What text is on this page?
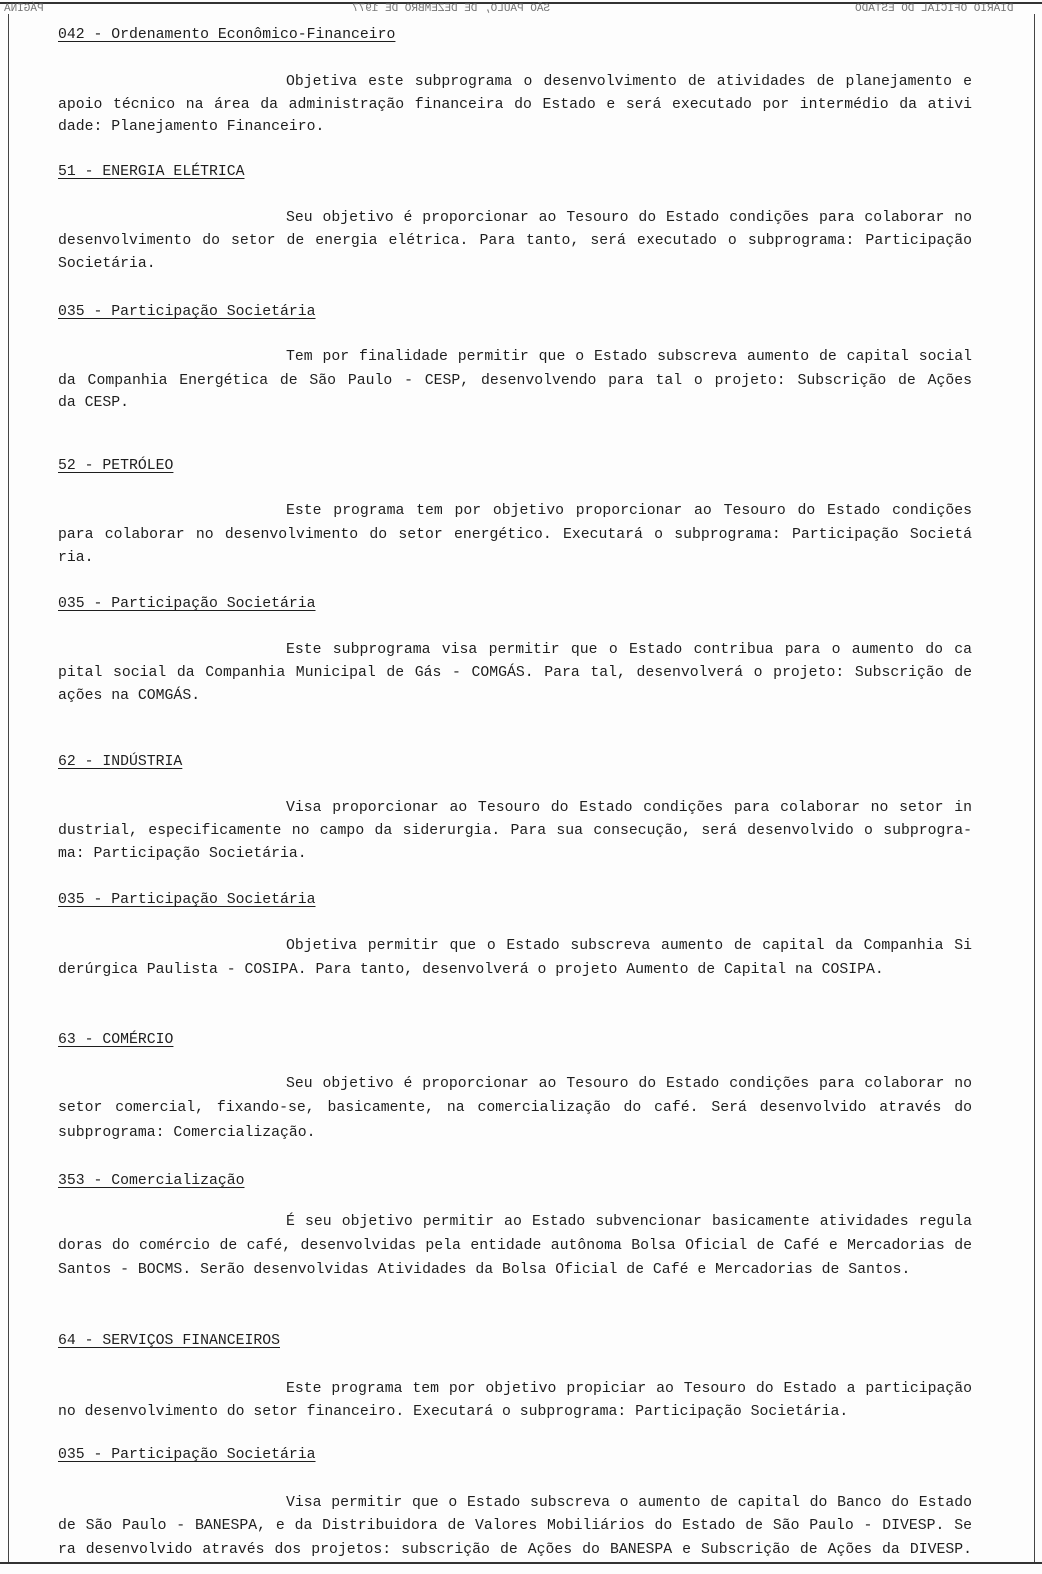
PÁGINA	SÃO PAULO, DE DEZEMBRO DE 1977	DIÁRIO OFICIAL DO ESTADO
042 - Ordenamento Econômico-Financeiro
Objetiva este subprograma o desenvolvimento de atividades de planejamento e
apoio técnico na área da administração financeira do Estado e será executado por intermédio da ativi
dade: Planejamento Financeiro.
51 - ENERGIA ELÉTRICA
Seu objetivo é proporcionar ao Tesouro do Estado condições para colaborar no
desenvolvimento do setor de energia elétrica. Para tanto, será executado o subprograma: Participação
Societária.
035 - Participação Societária
Tem por finalidade permitir que o Estado subscreva aumento de capital social
da Companhia Energética de São Paulo - CESP, desenvolvendo para tal o projeto: Subscrição de Ações
da CESP.
52 - PETRÓLEO
Este programa tem por objetivo proporcionar ao Tesouro do Estado condições
para colaborar no desenvolvimento do setor energético. Executará o subprograma: Participação Societá
ria.
035 - Participação Societária
Este subprograma visa permitir que o Estado contribua para o aumento do ca
pital social da Companhia Municipal de Gás - COMGÁS. Para tal, desenvolverá o projeto: Subscrição de
ações na COMGÁS.
62 - INDÚSTRIA
Visa proporcionar ao Tesouro do Estado condições para colaborar no setor in
dustrial, especificamente no campo da siderurgia. Para sua consecução, será desenvolvido o subprogra-
ma: Participação Societária.
035 - Participação Societária
Objetiva permitir que o Estado subscreva aumento de capital da Companhia Si
derúrgica Paulista - COSIPA. Para tanto, desenvolverá o projeto Aumento de Capital na COSIPA.
63 - COMÉRCIO
Seu objetivo é proporcionar ao Tesouro do Estado condições para colaborar no
setor comercial, fixando-se, basicamente, na comercialização do café. Será desenvolvido através do
subprograma: Comercialização.
353 - Comercialização
É seu objetivo permitir ao Estado subvencionar basicamente atividades regula
doras do comércio de café, desenvolvidas pela entidade autônoma Bolsa Oficial de Café e Mercadorias de
Santos - BOCMS. Serão desenvolvidas Atividades da Bolsa Oficial de Café e Mercadorias de Santos.
64 - SERVIÇOS FINANCEIROS
Este programa tem por objetivo propiciar ao Tesouro do Estado a participação
no desenvolvimento do setor financeiro. Executará o subprograma: Participação Societária.
035 - Participação Societária
Visa permitir que o Estado subscreva o aumento de capital do Banco do Estado
de São Paulo - BANESPA, e da Distribuidora de Valores Mobiliários do Estado de São Paulo - DIVESP. Se
ra desenvolvido através dos projetos: subscrição de Ações do BANESPA e Subscrição de Ações da DIVESP.
